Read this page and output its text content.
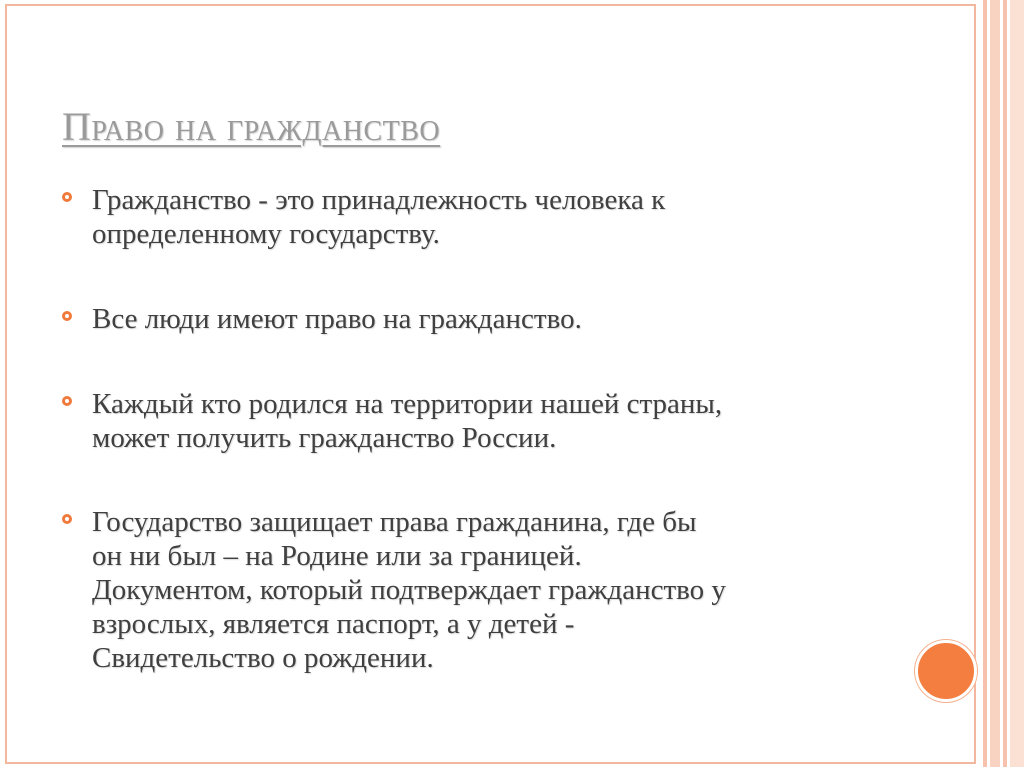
Право на гражданство
Гражданство - это принадлежность человека к
определенному государству.
Все люди имеют право на гражданство.
Каждый кто родился на территории нашей страны,
может получить гражданство России.
Государство защищает права гражданина, где бы
он ни был – на Родине или за границей.
Документом, который подтверждает гражданство у
взрослых, является паспорт, а у детей -
Свидетельство о рождении.
